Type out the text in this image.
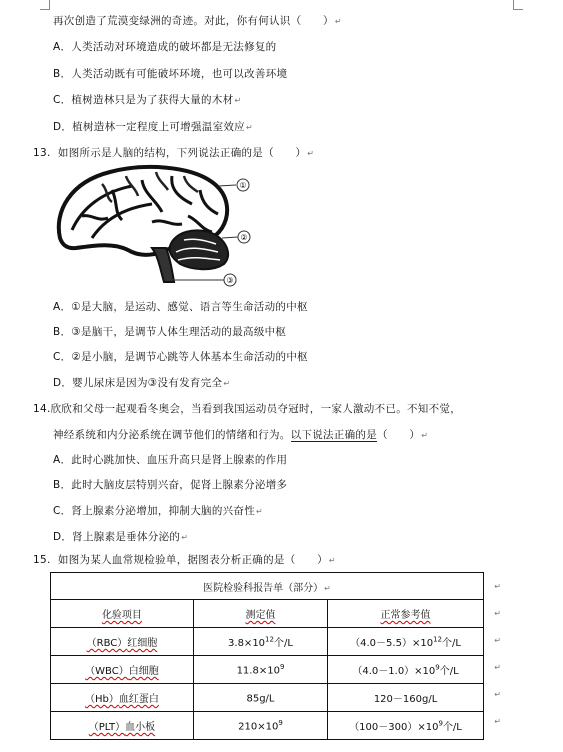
再次创造了荒漠变绿洲的奇迹。对此，你有何认识（　　）↵
A．人类活动对环境造成的破坏都是无法修复的
B．人类活动既有可能破坏环境，也可以改善环境
C．植树造林只是为了获得大量的木材↵
D．植树造林一定程度上可增强温室效应↵
13. 如图所示是人脑的结构，下列说法正确的是（　　）↵
①
②
③
A．①是大脑，是运动、感觉、语言等生命活动的中枢
B．③是脑干，是调节人体生理活动的最高级中枢
C．②是小脑，是调节心跳等人体基本生命活动的中枢
D．婴儿尿床是因为③没有发育完全↵
14.欣欣和父母一起观看冬奥会，当看到我国运动员夺冠时，一家人激动不已。不知不觉，
神经系统和内分泌系统在调节他们的情绪和行为。以下说法正确的是（　　）↵
A．此时心跳加快、血压升高只是肾上腺素的作用
B．此时大脑皮层特别兴奋，促肾上腺素分泌增多
C．肾上腺素分泌增加，抑制大脑的兴奋性↵
D．肾上腺素是垂体分泌的↵
15. 如图为某人血常规检验单，据图表分析正确的是（　　）↵
医院检验科报告单（部分）↵		
化验项目	测定值	正常参考值
（RBC）红细胞	$3.8\times 10^{12}$个/L	$(4.0-5.5)\times 10^{12}$个/L
（WBC）白细胞	$11.8\times 10^9$	$(4.0-1.0)\times 10^9$个/L
（Hb）血红蛋白	85g/L	120－160g/L
（PLT）血小板	$210\times 10^9$	$(100-300)\times 10^9$个/L
↵
↵
↵
↵
↵
↵
